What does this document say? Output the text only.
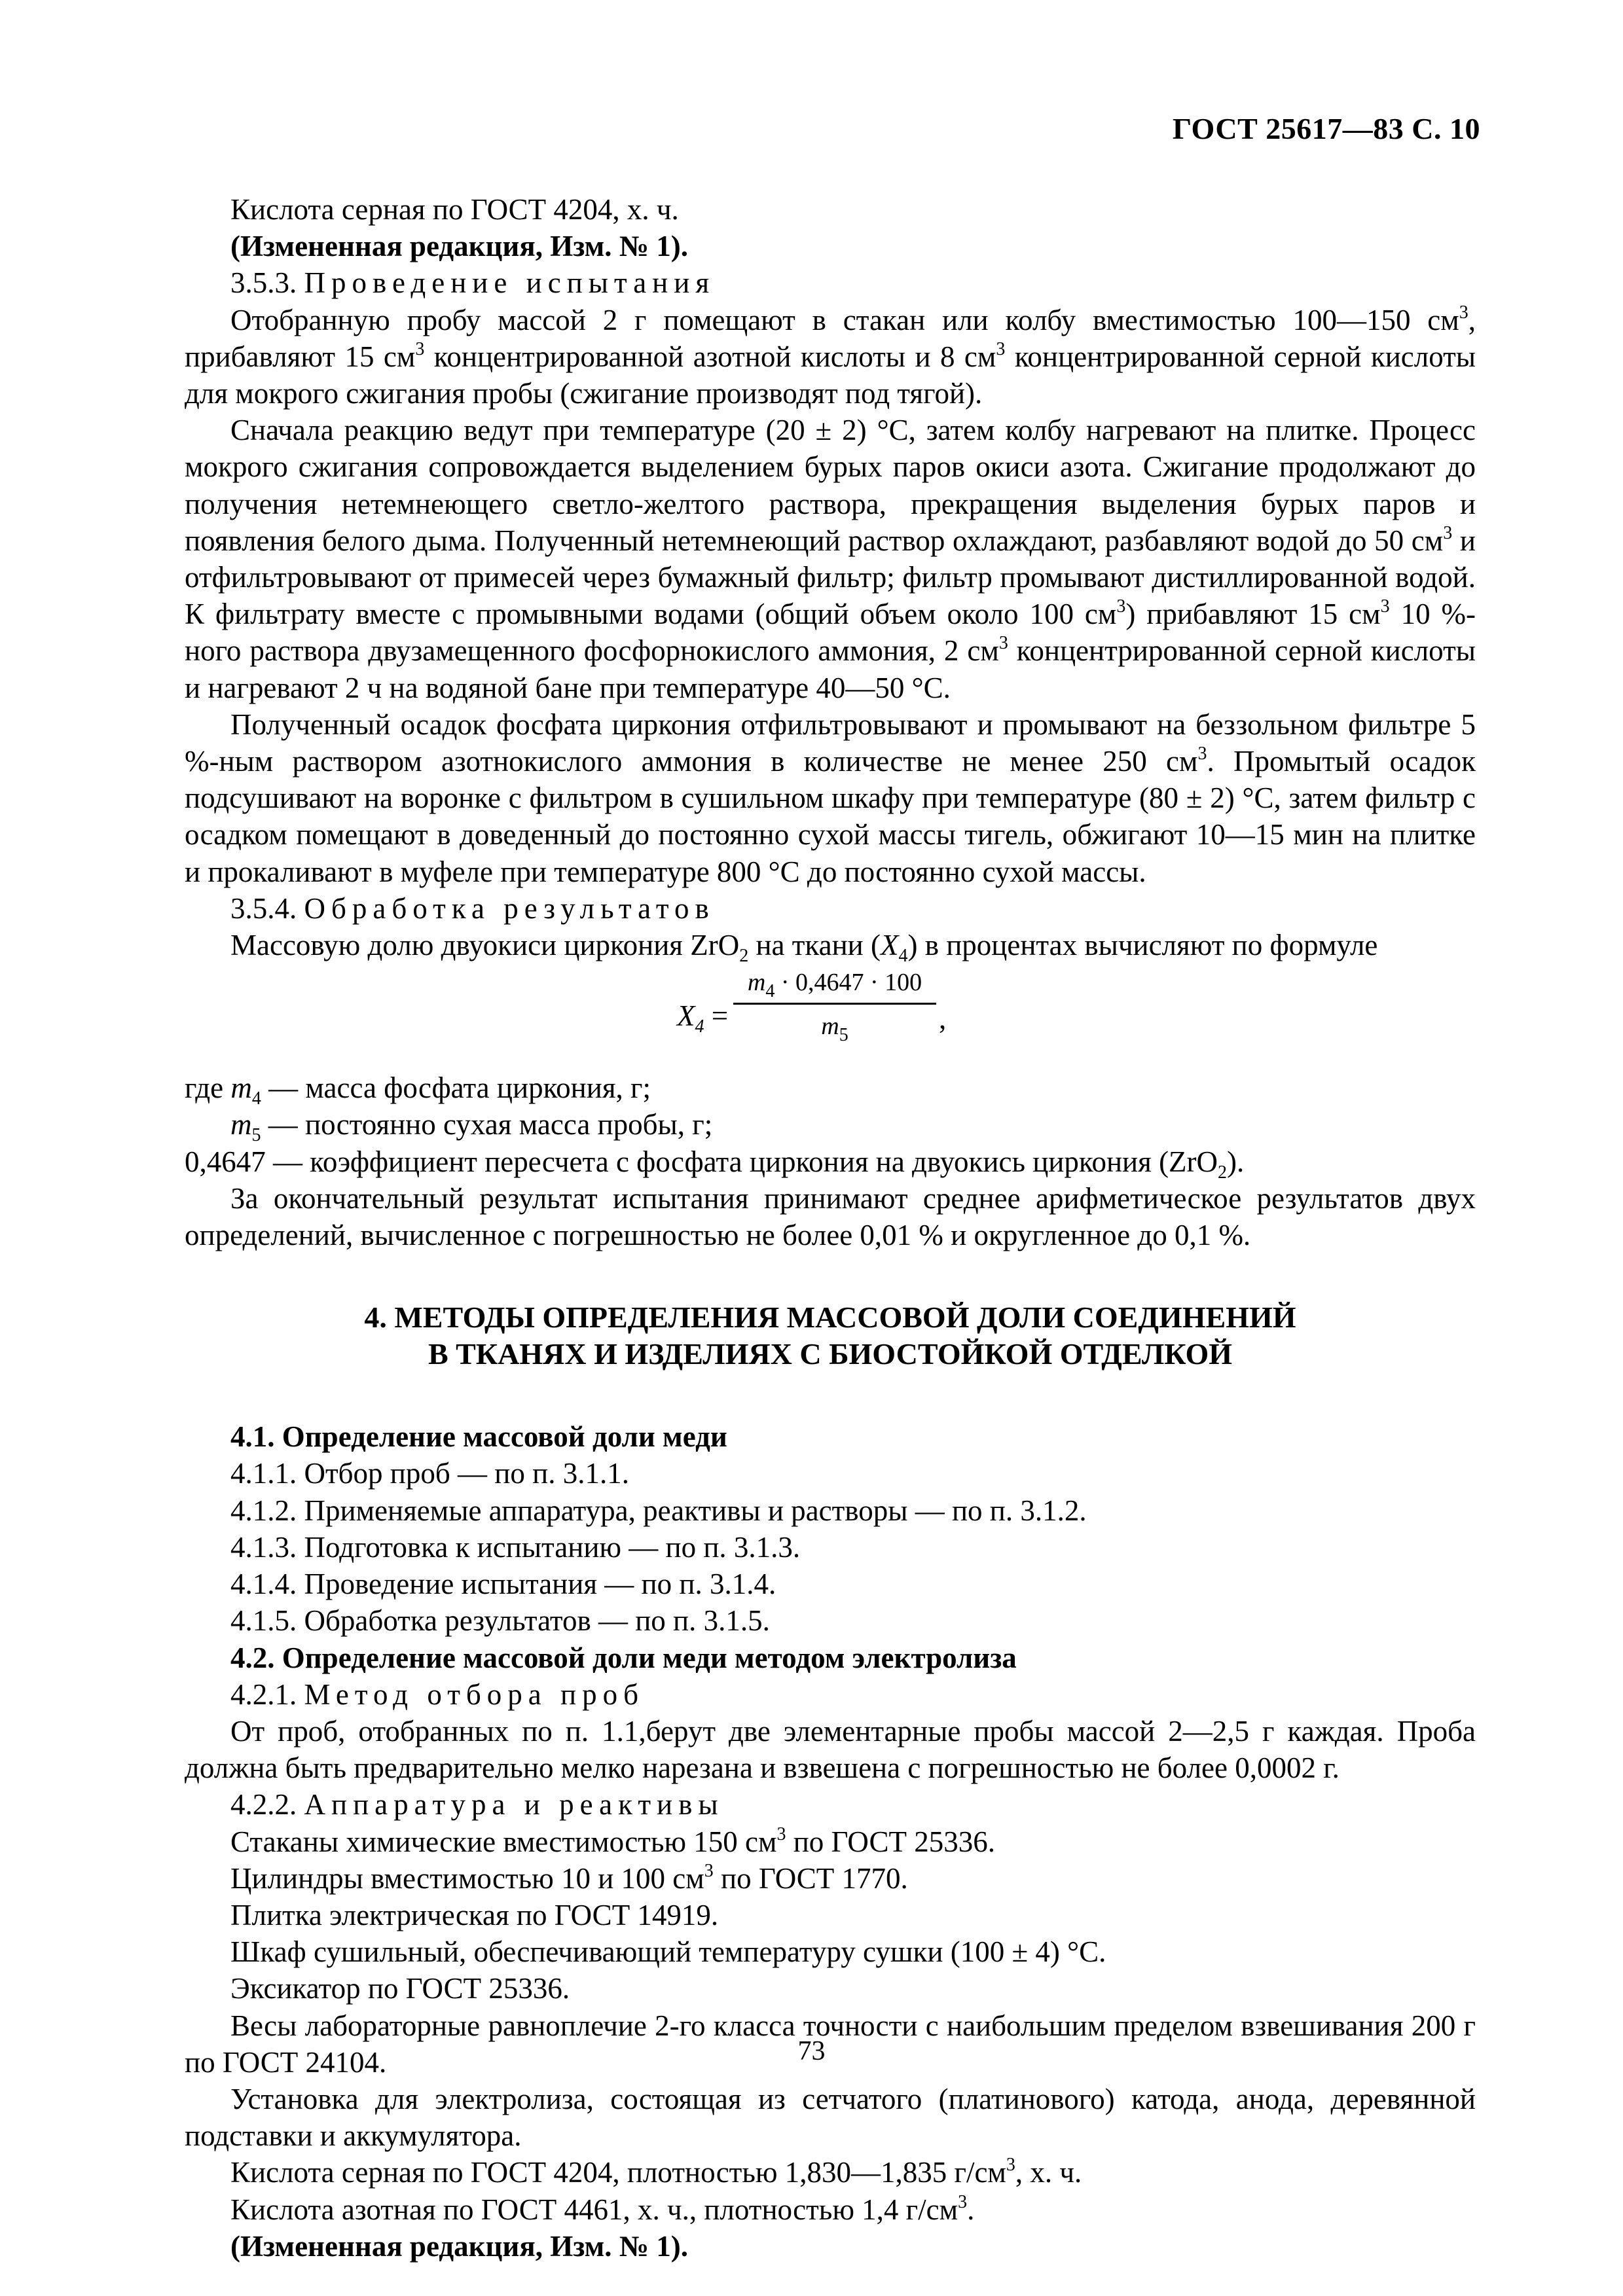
ГОСТ 25617—83 С. 10

Кислота серная по ГОСТ 4204, х. ч.

(Измененная редакция, Изм. № 1).

3.5.3. Проведение испытания

Отобранную пробу массой 2 г помещают в стакан или колбу вместимостью 100—150 $см^3$, прибавляют 15 $см^3$ концентрированной азотной кислоты и 8 $см^3$ концентрированной серной кислоты для мокрого сжигания пробы (сжигание производят под тягой).

Сначала реакцию ведут при температуре (20 ± 2) °С, затем колбу нагревают на плитке. Процесс мокрого сжигания сопровождается выделением бурых паров окиси азота. Сжигание продолжают до получения нетемнеющего светло-желтого раствора, прекращения выделения бурых паров и появления белого дыма. Полученный нетемнеющий раствор охлаждают, разбавляют водой до 50 $см^3$ и отфильтровывают от примесей через бумажный фильтр; фильтр промывают дистиллированной водой. К фильтрату вместе с промывными водами (общий объем около 100 $см^3$) прибавляют 15 $см^3$ 10 %-ного раствора двузамещенного фосфорнокислого аммония, 2 $см^3$ концентрированной серной кислоты и нагревают 2 ч на водяной бане при температуре 40—50 °С.

Полученный осадок фосфата циркония отфильтровывают и промывают на беззольном фильтре 5 %-ным раствором азотнокислого аммония в количестве не менее 250 $см^3$. Промытый осадок подсушивают на воронке с фильтром в сушильном шкафу при температуре (80 ± 2) °С, затем фильтр с осадком помещают в доведенный до постоянно сухой массы тигель, обжигают 10—15 мин на плитке и прокаливают в муфеле при температуре 800 °С до постоянно сухой массы.

3.5.4. Обработка результатов

Массовую долю двуокиси циркония ZrO$_2$ на ткани $(X_4)$ в процентах вычисляют по формуле

$X_4$ =
$m_4 \cdot 0,4647 \cdot 100$
$m_5$
,
где $m_4$ — масса фосфата циркония, г;
$m_5$ — постоянно сухая масса пробы, г;
0,4647 — коэффициент пересчета с фосфата циркония на двуокись циркония (ZrO$_2$).

За окончательный результат испытания принимают среднее арифметическое результатов двух определений, вычисленное с погрешностью не более 0,01 % и округленное до 0,1 %.

4. МЕТОДЫ ОПРЕДЕЛЕНИЯ МАССОВОЙ ДОЛИ СОЕДИНЕНИЙ
В ТКАНЯХ И ИЗДЕЛИЯХ С БИОСТОЙКОЙ ОТДЕЛКОЙ

4.1. Определение массовой доли меди

4.1.1. Отбор проб — по п. 3.1.1.

4.1.2. Применяемые аппаратура, реактивы и растворы — по п. 3.1.2.

4.1.3. Подготовка к испытанию — по п. 3.1.3.

4.1.4. Проведение испытания — по п. 3.1.4.

4.1.5. Обработка результатов — по п. 3.1.5.

4.2. Определение массовой доли меди методом электролиза

4.2.1. Метод отбора проб

От проб, отобранных по п. 1.1,берут две элементарные пробы массой 2—2,5 г каждая. Проба должна быть предварительно мелко нарезана и взвешена с погрешностью не более 0,0002 г.

4.2.2. Аппаратура и реактивы

Стаканы химические вместимостью 150 $см^3$ по ГОСТ 25336.

Цилиндры вместимостью 10 и 100 $см^3$ по ГОСТ 1770.

Плитка электрическая по ГОСТ 14919.

Шкаф сушильный, обеспечивающий температуру сушки (100 ± 4) °С.

Эксикатор по ГОСТ 25336.

Весы лабораторные равноплечие 2-го класса точности с наибольшим пределом взвешивания 200 г по ГОСТ 24104.

Установка для электролиза, состоящая из сетчатого (платинового) катода, анода, деревянной подставки и аккумулятора.

Кислота серная по ГОСТ 4204, плотностью 1,830—1,835 $г/см^3$, х. ч.

Кислота азотная по ГОСТ 4461, х. ч., плотностью 1,4 $г/см^3$.

(Измененная редакция, Изм. № 1).

73
